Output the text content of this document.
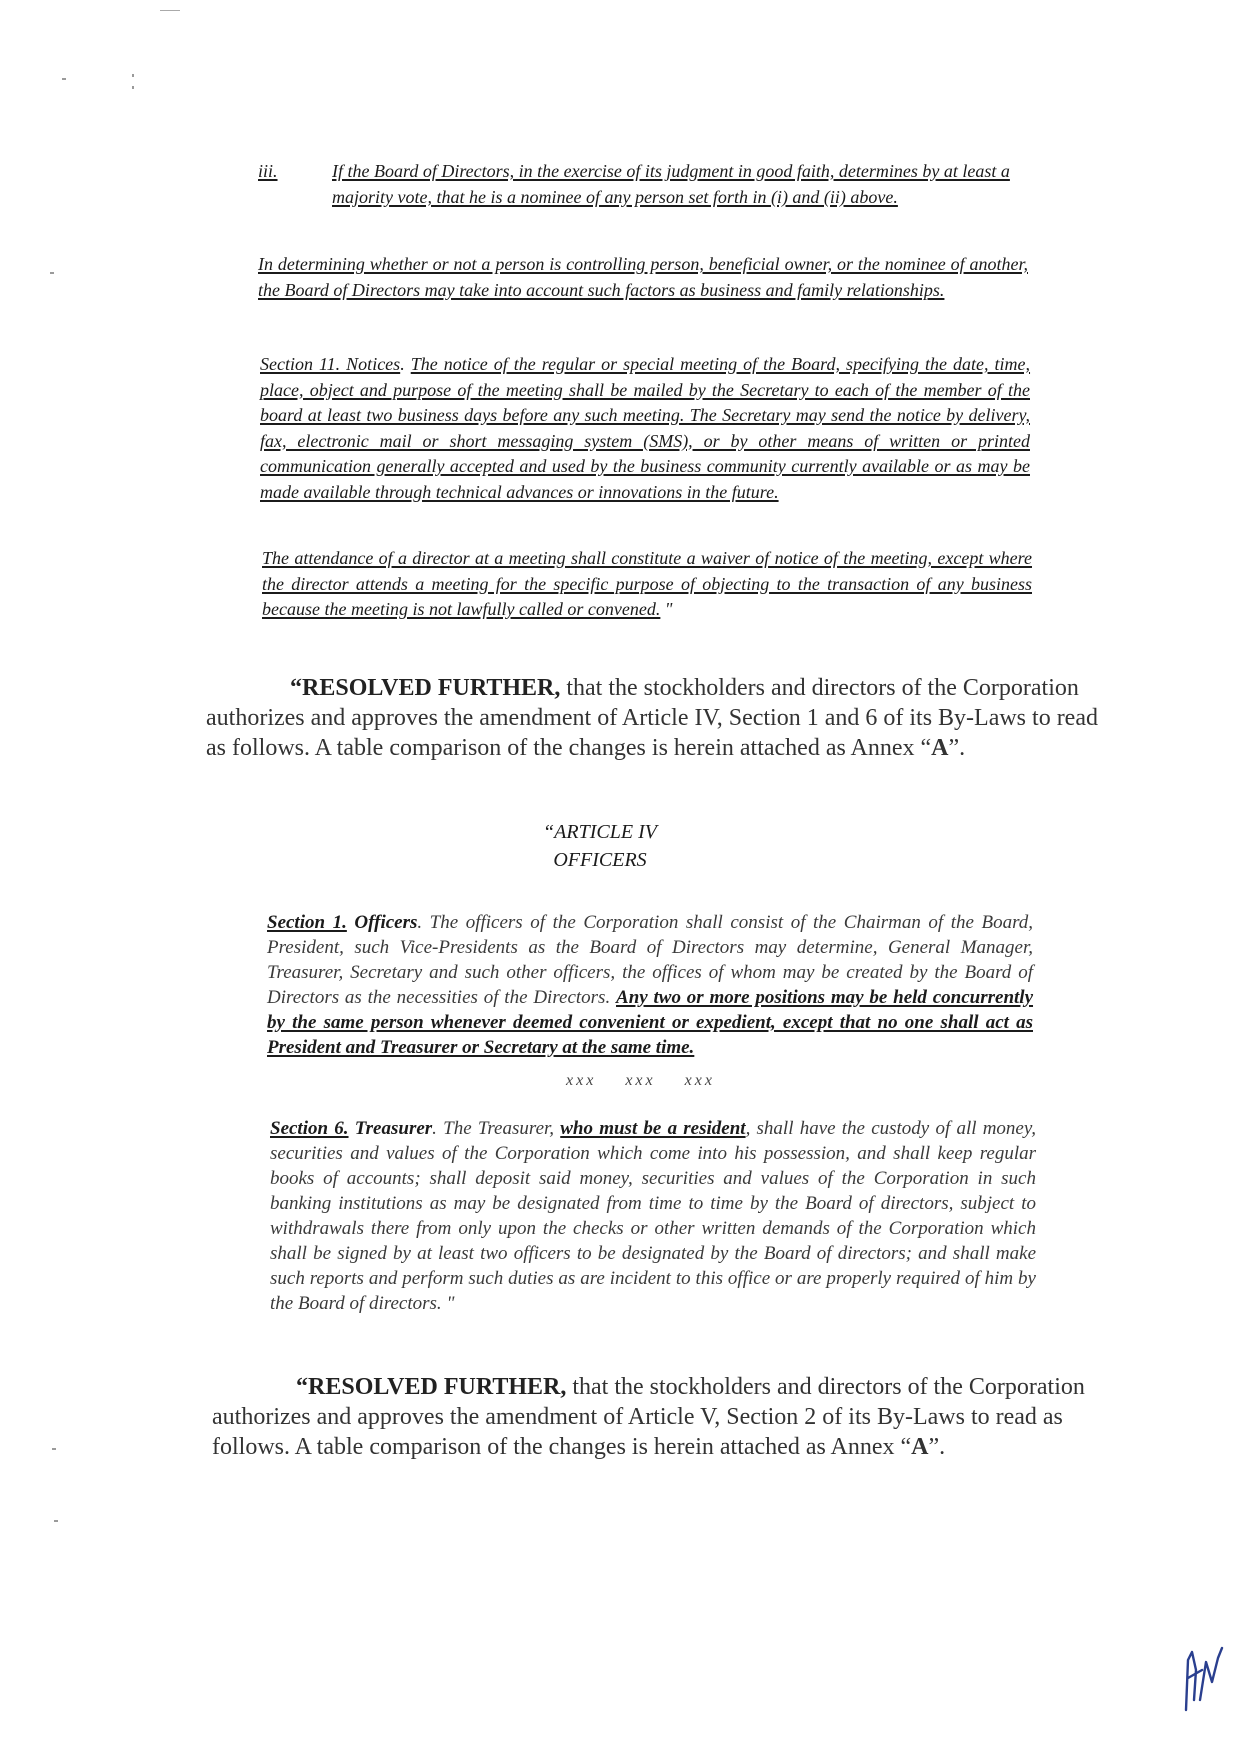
iii.	If the Board of Directors, in the exercise of its judgment in good faith, determines by at least a majority vote, that he is a nominee of any person set forth in (i) and (ii) above.
In determining whether or not a person is controlling person, beneficial owner, or the nominee of another, the Board of Directors may take into account such factors as business and family relationships.
Section 11. Notices. The notice of the regular or special meeting of the Board, specifying the date, time, place, object and purpose of the meeting shall be mailed by the Secretary to each of the member of the board at least two business days before any such meeting. The Secretary may send the notice by delivery, fax, electronic mail or short messaging system (SMS), or by other means of written or printed communication generally accepted and used by the business community currently available or as may be made available through technical advances or innovations in the future.
The attendance of a director at a meeting shall constitute a waiver of notice of the meeting, except where the director attends a meeting for the specific purpose of objecting to the transaction of any business because the meeting is not lawfully called or convened. "
“RESOLVED FURTHER, that the stockholders and directors of the Corporation authorizes and approves the amendment of Article IV, Section 1 and 6 of its By-Laws to read as follows. A table comparison of the changes is herein attached as Annex “A”.
“ARTICLE IV
OFFICERS
Section 1. Officers. The officers of the Corporation shall consist of the Chairman of the Board, President, such Vice-Presidents as the Board of Directors may determine, General Manager, Treasurer, Secretary and such other officers, the offices of whom may be created by the Board of Directors as the necessities of the Directors. Any two or more positions may be held concurrently by the same person whenever deemed convenient or expedient, except that no one shall act as President and Treasurer or Secretary at the same time.
xxx xxx xxx
Section 6. Treasurer. The Treasurer, who must be a resident, shall have the custody of all money, securities and values of the Corporation which come into his possession, and shall keep regular books of accounts; shall deposit said money, securities and values of the Corporation in such banking institutions as may be designated from time to time by the Board of directors, subject to withdrawals there from only upon the checks or other written demands of the Corporation which shall be signed by at least two officers to be designated by the Board of directors; and shall make such reports and perform such duties as are incident to this office or are properly required of him by the Board of directors. "
“RESOLVED FURTHER, that the stockholders and directors of the Corporation authorizes and approves the amendment of Article V, Section 2 of its By-Laws to read as follows. A table comparison of the changes is herein attached as Annex “A”.
